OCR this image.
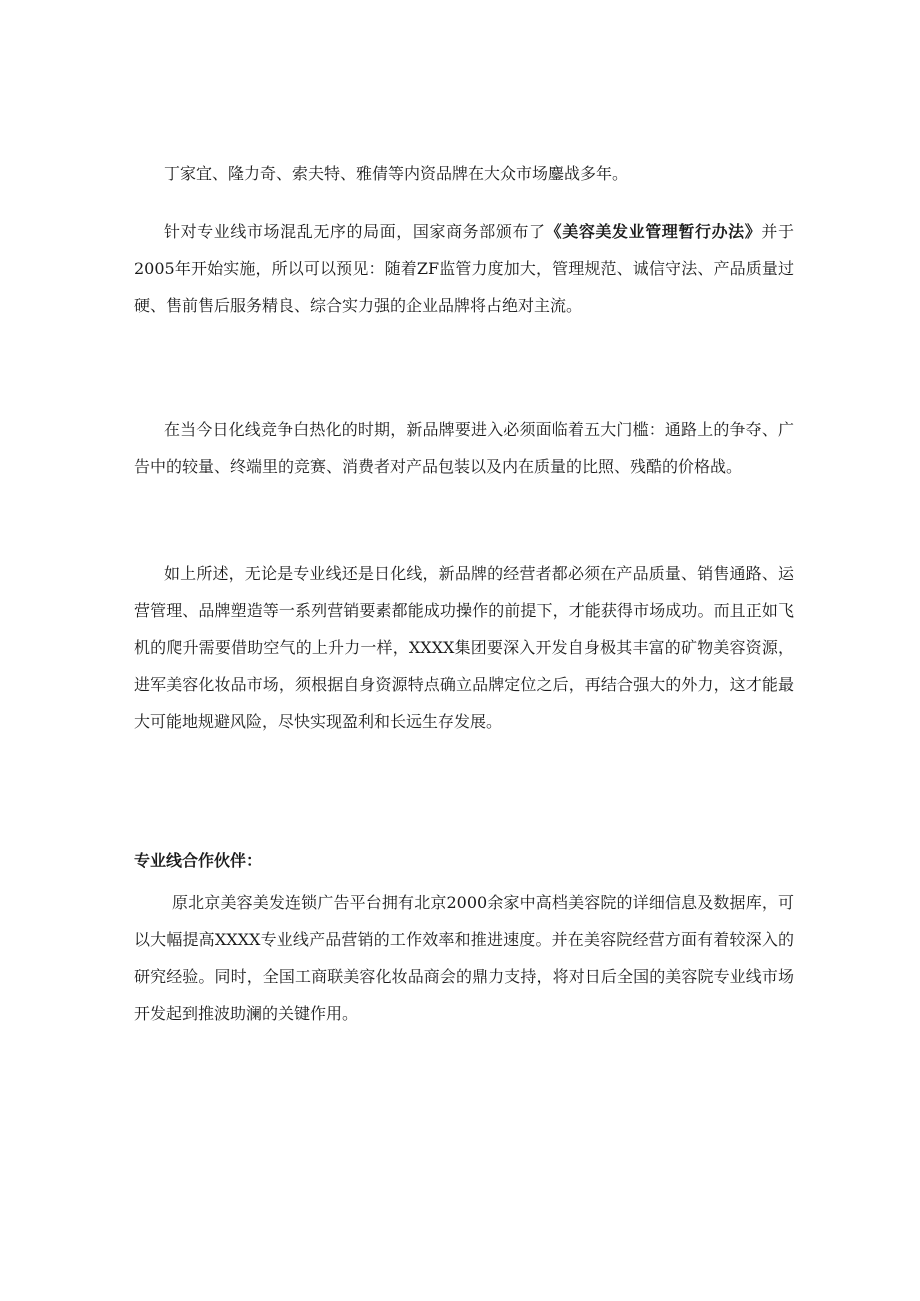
丁家宜、隆力奇、索夫特、雅倩等内资品牌在大众市场鏖战多年。

针对专业线市场混乱无序的局面，国家商务部颁布了《美容美发业管理暂行办法》并于2005年开始实施，所以可以预见：随着ZF监管力度加大，管理规范、诚信守法、产品质量过硬、售前售后服务精良、综合实力强的企业品牌将占绝对主流。

在当今日化线竞争白热化的时期，新品牌要进入必须面临着五大门槛：通路上的争夺、广告中的较量、终端里的竞赛、消费者对产品包装以及内在质量的比照、残酷的价格战。

如上所述，无论是专业线还是日化线，新品牌的经营者都必须在产品质量、销售通路、运营管理、品牌塑造等一系列营销要素都能成功操作的前提下，才能获得市场成功。而且正如飞机的爬升需要借助空气的上升力一样，XXXX集团要深入开发自身极其丰富的矿物美容资源，进军美容化妆品市场，须根据自身资源特点确立品牌定位之后，再结合强大的外力，这才能最大可能地规避风险，尽快实现盈利和长远生存发展。

专业线合作伙伴：

原北京美容美发连锁广告平台拥有北京2000余家中高档美容院的详细信息及数据库，可以大幅提高XXXX专业线产品营销的工作效率和推进速度。并在美容院经营方面有着较深入的研究经验。同时，全国工商联美容化妆品商会的鼎力支持，将对日后全国的美容院专业线市场开发起到推波助澜的关键作用。
